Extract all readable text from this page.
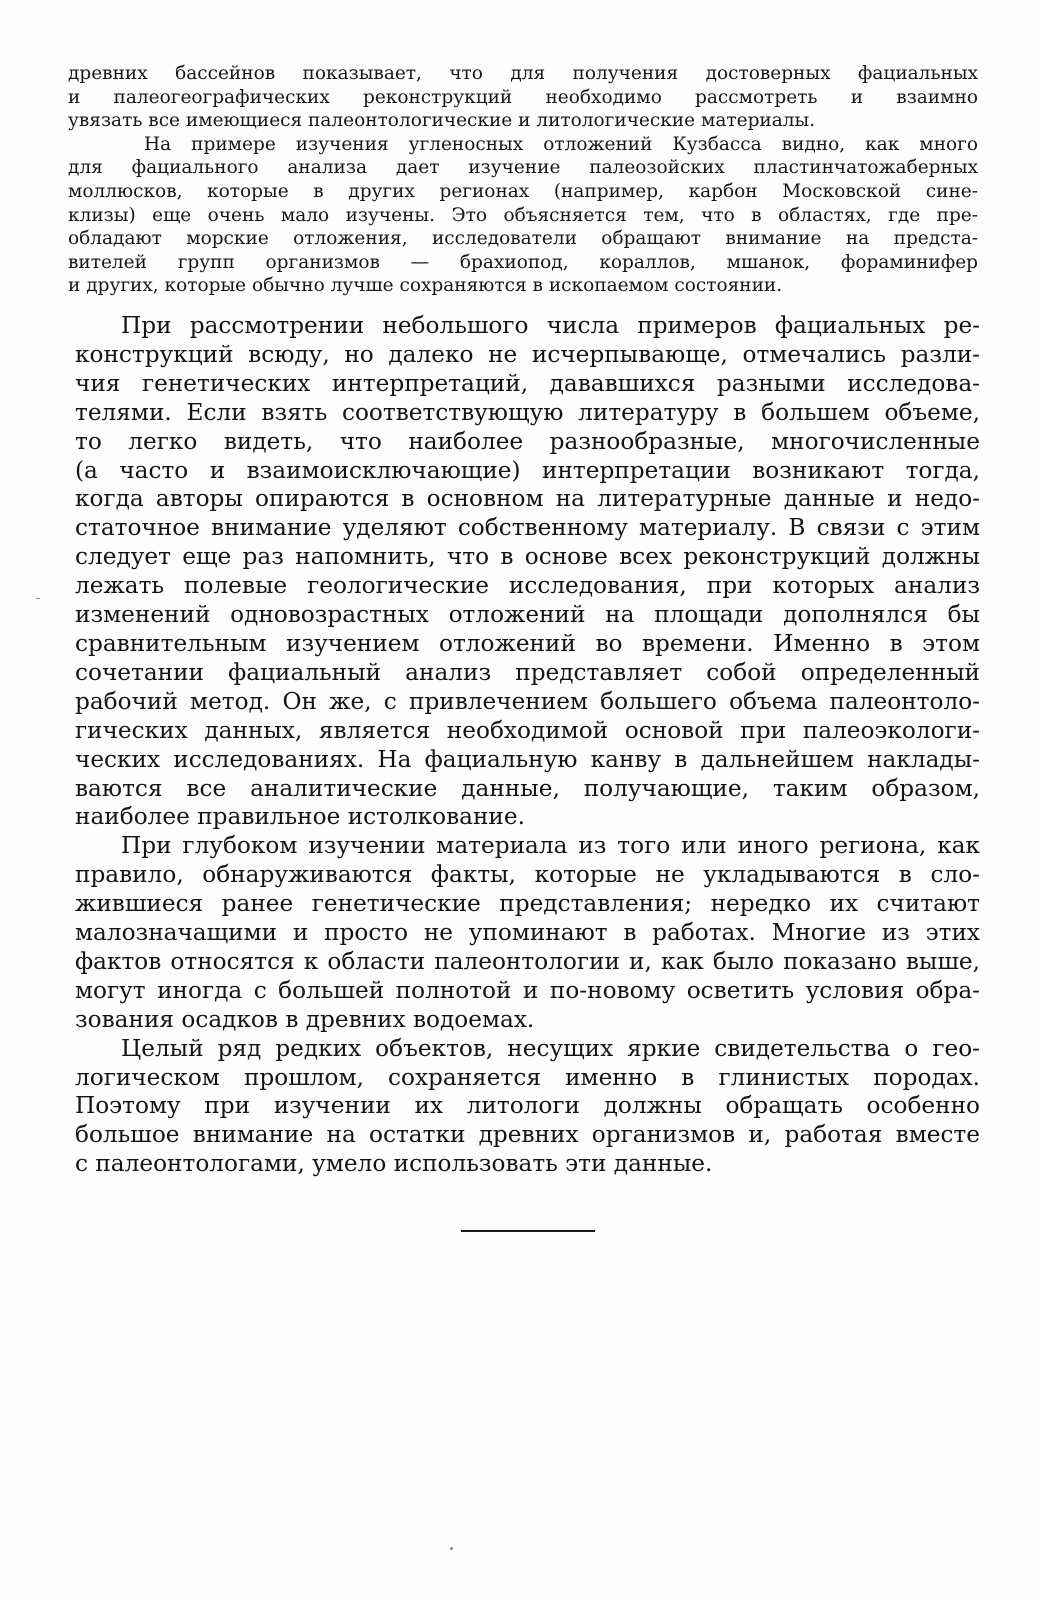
древних бассейнов показывает, что для получения достоверных фациальных
и палеогеографических реконструкций необходимо рассмотреть и взаимно
увязать все имеющиеся палеонтологические и литологические материалы.
На примере изучения угленосных отложений Кузбасса видно, как много
для фациального анализа дает изучение палеозойских пластинчатожаберных
моллюсков, которые в других регионах (например, карбон Московской сине-
клизы) еще очень мало изучены. Это объясняется тем, что в областях, где пре-
обладают морские отложения, исследователи обращают внимание на предста-
вителей групп организмов — брахиопод, кораллов, мшанок, фораминифер
и других, которые обычно лучше сохраняются в ископаемом состоянии.
При рассмотрении небольшого числа примеров фациальных ре-
конструкций всюду, но далеко не исчерпывающе, отмечались разли-
чия генетических интерпретаций, дававшихся разными исследова-
телями. Если взять соответствующую литературу в большем объеме,
то легко видеть, что наиболее разнообразные, многочисленные
(а часто и взаимоисключающие) интерпретации возникают тогда,
когда авторы опираются в основном на литературные данные и недо-
статочное внимание уделяют собственному материалу. В связи с этим
следует еще раз напомнить, что в основе всех реконструкций должны
лежать полевые геологические исследования, при которых анализ
изменений одновозрастных отложений на площади дополнялся бы
сравнительным изучением отложений во времени. Именно в этом
сочетании фациальный анализ представляет собой определенный
рабочий метод. Он же, с привлечением большего объема палеонтоло-
гических данных, является необходимой основой при палеоэкологи-
ческих исследованиях. На фациальную канву в дальнейшем наклады-
ваются все аналитические данные, получающие, таким образом,
наиболее правильное истолкование.
При глубоком изучении материала из того или иного региона, как
правило, обнаруживаются факты, которые не укладываются в сло-
жившиеся ранее генетические представления; нередко их считают
малозначащими и просто не упоминают в работах. Многие из этих
фактов относятся к области палеонтологии и, как было показано выше,
могут иногда с большей полнотой и по-новому осветить условия обра-
зования осадков в древних водоемах.
Целый ряд редких объектов, несущих яркие свидетельства о гео-
логическом прошлом, сохраняется именно в глинистых породах.
Поэтому при изучении их литологи должны обращать особенно
большое внимание на остатки древних организмов и, работая вместе
с палеонтологами, умело использовать эти данные.
